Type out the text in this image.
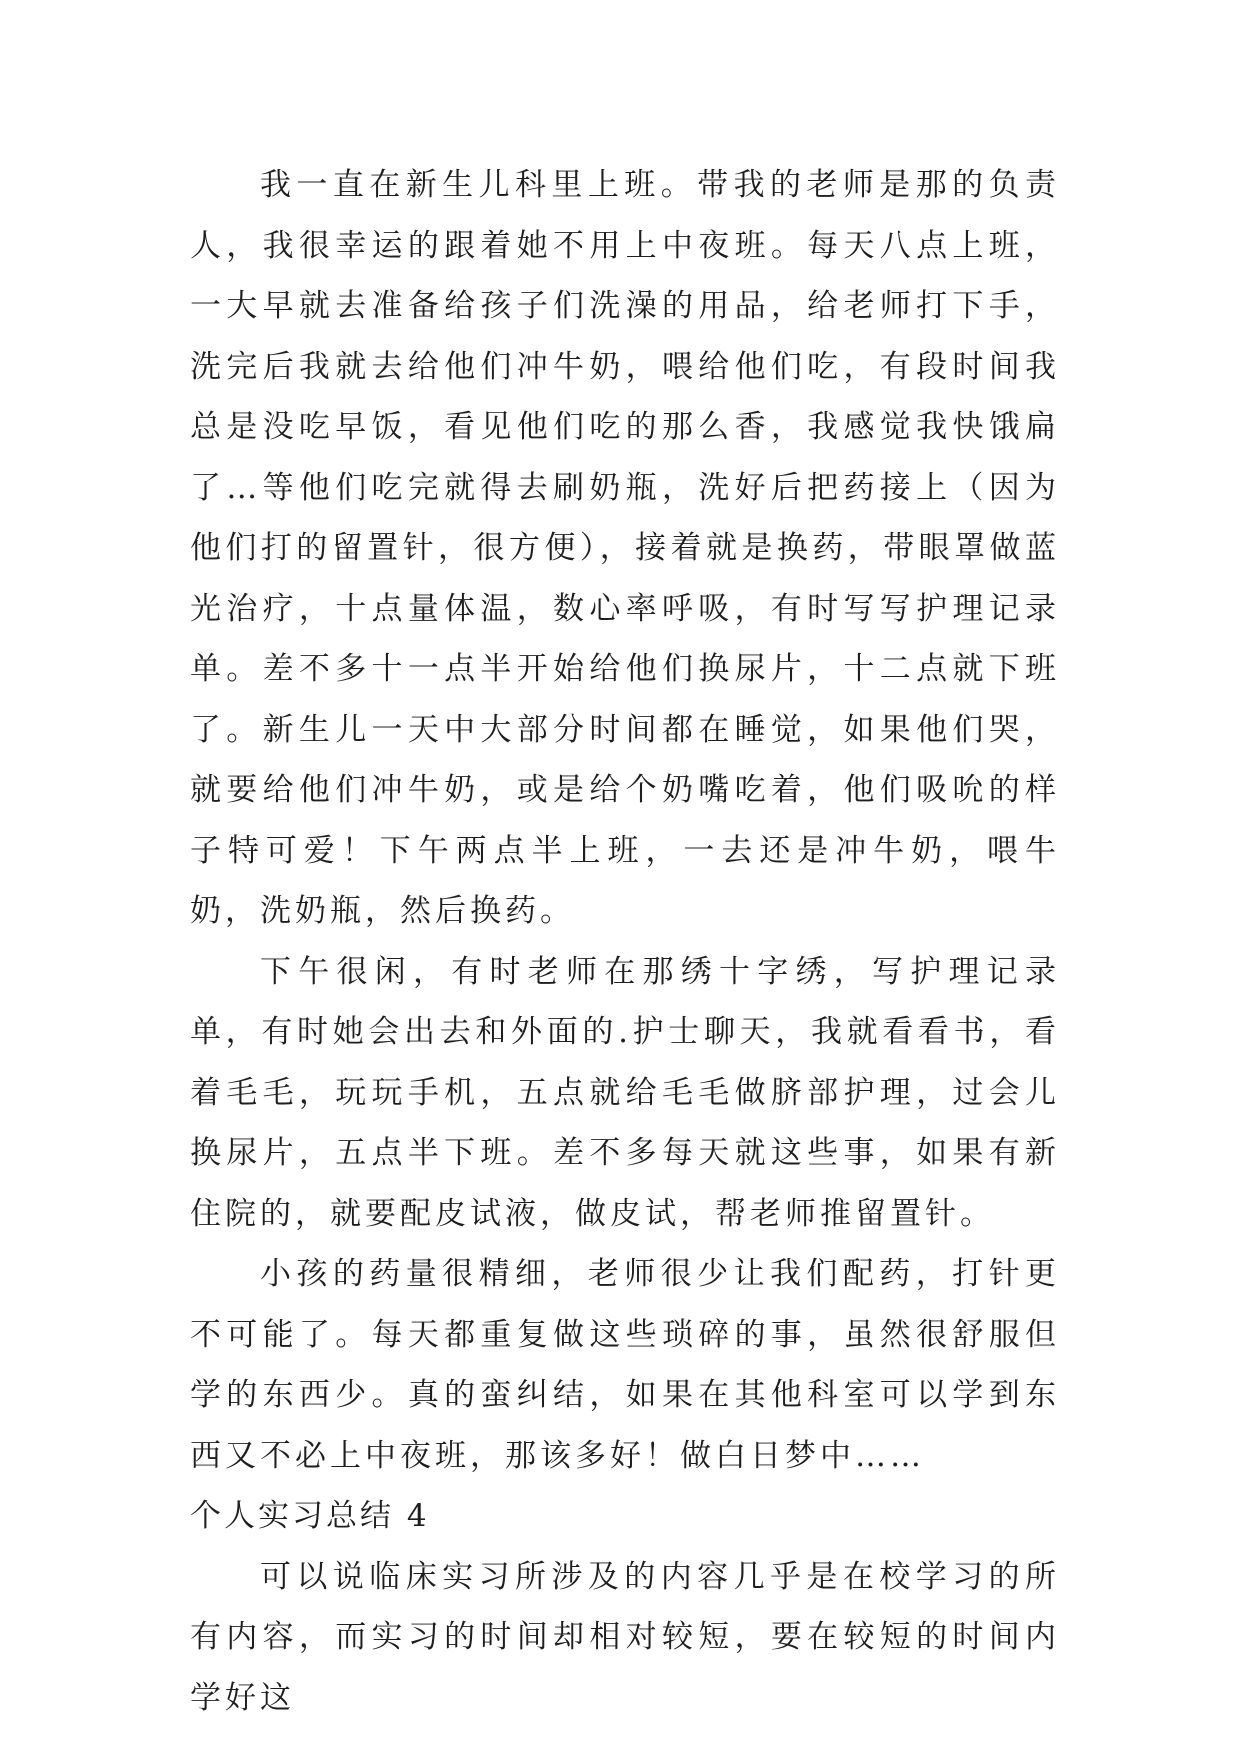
我一直在新生儿科里上班。带我的老师是那的负责人，我很幸运的跟着她不用上中夜班。每天八点上班，一大早就去准备给孩子们洗澡的用品，给老师打下手，洗完后我就去给他们冲牛奶，喂给他们吃，有段时间我总是没吃早饭，看见他们吃的那么香，我感觉我快饿扁了…等他们吃完就得去刷奶瓶，洗好后把药接上（因为他们打的留置针，很方便），接着就是换药，带眼罩做蓝光治疗，十点量体温，数心率呼吸，有时写写护理记录单。差不多十一点半开始给他们换尿片，十二点就下班了。新生儿一天中大部分时间都在睡觉，如果他们哭，就要给他们冲牛奶，或是给个奶嘴吃着，他们吸吮的样子特可爱！下午两点半上班，一去还是冲牛奶，喂牛奶，洗奶瓶，然后换药。

下午很闲，有时老师在那绣十字绣，写护理记录单，有时她会出去和外面的.护士聊天，我就看看书，看着毛毛，玩玩手机，五点就给毛毛做脐部护理，过会儿换尿片，五点半下班。差不多每天就这些事，如果有新住院的，就要配皮试液，做皮试，帮老师推留置针。

小孩的药量很精细，老师很少让我们配药，打针更不可能了。每天都重复做这些琐碎的事，虽然很舒服但学的东西少。真的蛮纠结，如果在其他科室可以学到东西又不必上中夜班，那该多好！做白日梦中……

个人实习总结 4

可以说临床实习所涉及的内容几乎是在校学习的所有内容，而实习的时间却相对较短，要在较短的时间内学好这
